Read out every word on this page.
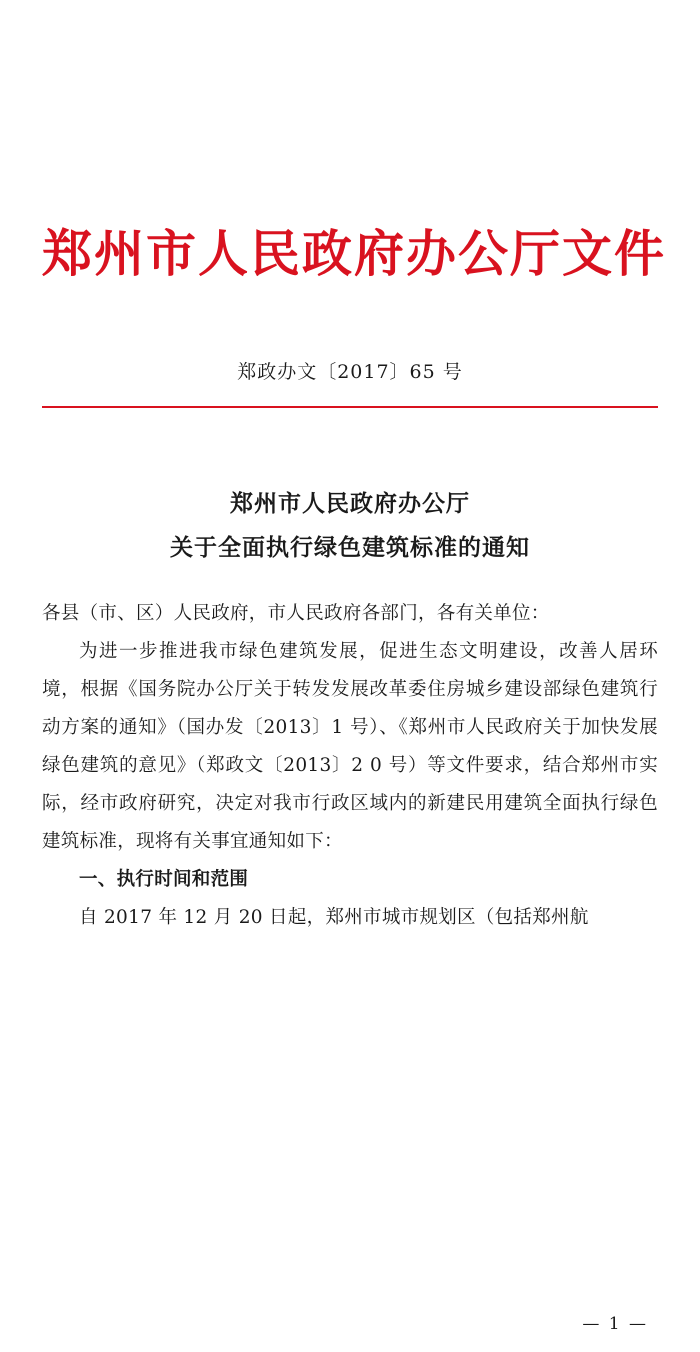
郑州市人民政府办公厅文件
郑政办文〔2017〕65 号
郑州市人民政府办公厅
关于全面执行绿色建筑标准的通知

各县（市、区）人民政府，市人民政府各部门，各有关单位：

为进一步推进我市绿色建筑发展，促进生态文明建设，改善人居环境，根据《国务院办公厅关于转发发展改革委住房城乡建设部绿色建筑行动方案的通知》（国办发〔2013〕1 号）、《郑州市人民政府关于加快发展绿色建筑的意见》（郑政文〔2013〕2 0 号）等文件要求，结合郑州市实际，经市政府研究，决定对我市行政区域内的新建民用建筑全面执行绿色建筑标准，现将有关事宜通知如下：

一、执行时间和范围

自 2017 年 12 月 20 日起，郑州市城市规划区（包括郑州航

— 1 —
